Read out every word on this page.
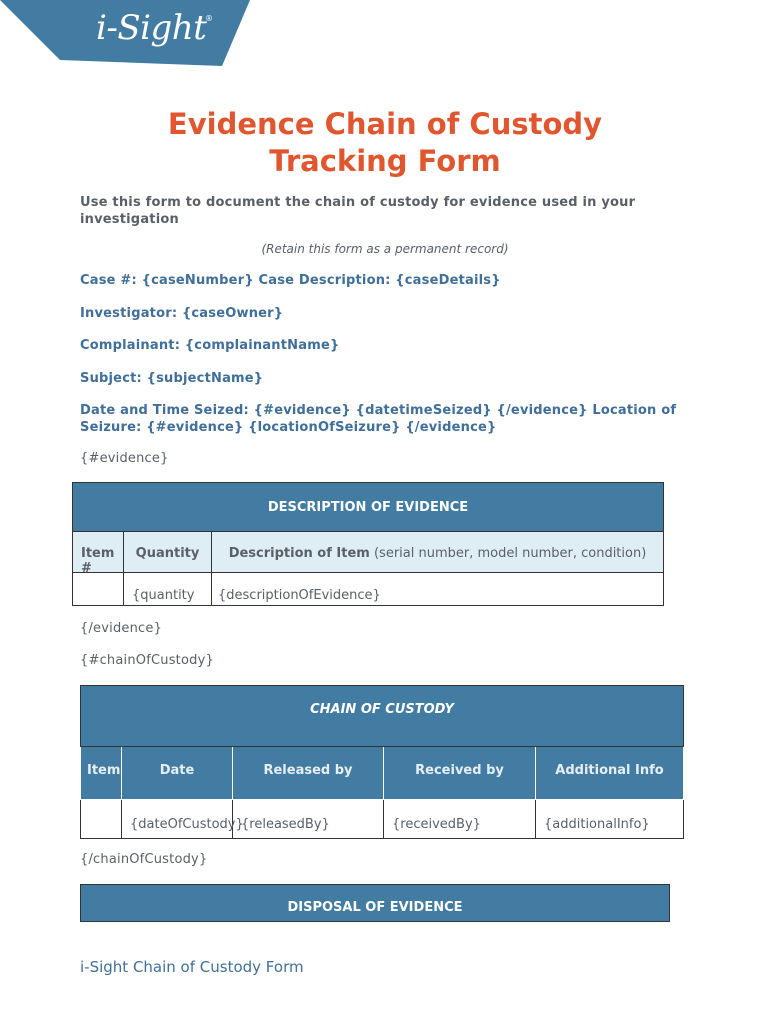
i-Sight
®
Evidence Chain of Custody
Tracking Form
Use this form to document the chain of custody for evidence used in your investigation
(Retain this form as a permanent record)
Case #: {caseNumber} Case Description: {caseDetails}
Investigator: {caseOwner}
Complainant: {complainantName}
Subject: {subjectName}
Date and Time Seized: {#evidence} {datetimeSeized} {/evidence} Location of Seizure: {#evidence} {locationOfSeizure} {/evidence}
{#evidence}
DESCRIPTION OF EVIDENCE		

Item #	Quantity	Description of Item (serial number, model number, condition)

	{quantity	{descriptionOfEvidence}
{/evidence}
{#chainOfCustody}
CHAIN OF CUSTODY				

Item	Date	Released by	Received by	Additional Info

	{dateOfCustody}	{releasedBy}	{receivedBy}	{additionalInfo}
{/chainOfCustody}
DISPOSAL OF EVIDENCE
i-Sight Chain of Custody Form
